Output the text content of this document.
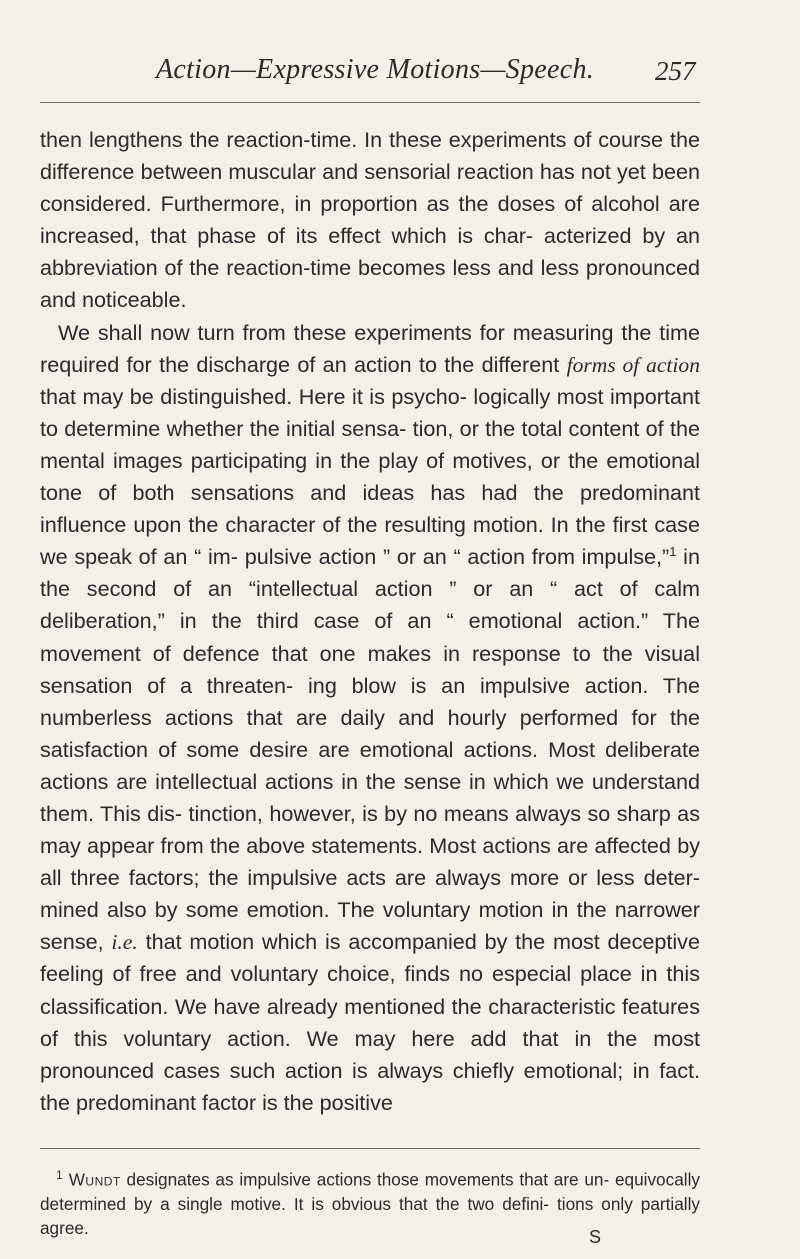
Action—Expressive Motions—Speech.	257

then lengthens the reaction-time. In these experiments of course the difference between muscular and sensorial reaction has not yet been considered. Furthermore, in proportion as the doses of alcohol are increased, that phase of its effect which is char- acterized by an abbreviation of the reaction-time becomes less and less pronounced and noticeable.

We shall now turn from these experiments for measuring the time required for the discharge of an action to the different forms of action that may be distinguished. Here it is psycho- logically most important to determine whether the initial sensa- tion, or the total content of the mental images participating in the play of motives, or the emotional tone of both sensations and ideas has had the predominant influence upon the character of the resulting motion. In the first case we speak of an “ im- pulsive action ” or an “ action from impulse,”$^1$ in the second of an “intellectual action ” or an “ act of calm deliberation,” in the third case of an “ emotional action.” The movement of defence that one makes in response to the visual sensation of a threaten- ing blow is an impulsive action. The numberless actions that are daily and hourly performed for the satisfaction of some desire are emotional actions. Most deliberate actions are intellectual actions in the sense in which we understand them. This dis- tinction, however, is by no means always so sharp as may appear from the above statements. Most actions are affected by all three factors; the impulsive acts are always more or less deter- mined also by some emotion. The voluntary motion in the narrower sense, i.e. that motion which is accompanied by the most deceptive feeling of free and voluntary choice, finds no especial place in this classification. We have already mentioned the characteristic features of this voluntary action. We may here add that in the most pronounced cases such action is always chiefly emotional; in fact. the predominant factor is the positive

$^1$ Wundt designates as impulsive actions those movements that are un- equivocally determined by a single motive. It is obvious that the two defini- tions only partially agree.	S
